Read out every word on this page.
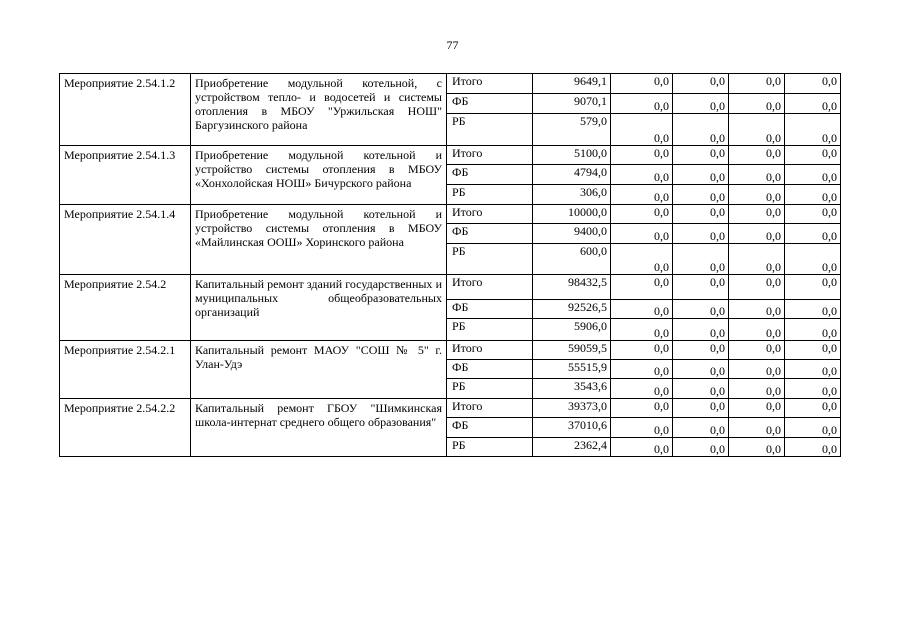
77
Мероприятие 2.54.1.2	Приобретение модульной котельной, с устройством тепло- и водосетей и системы отопления в МБОУ "Уржильская НОШ" Баргузинского района	Итого	9649,1	0,0	0,0	0,0	0,0
		ФБ	9070,1	0,0	0,0	0,0	0,0
		РБ	579,0	0,0	0,0	0,0	0,0
Мероприятие 2.54.1.3	Приобретение модульной котельной и устройство системы отопления в МБОУ «Хонхолойская НОШ» Бичурского района	Итого	5100,0	0,0	0,0	0,0	0,0
		ФБ	4794,0	0,0	0,0	0,0	0,0
		РБ	306,0	0,0	0,0	0,0	0,0
Мероприятие 2.54.1.4	Приобретение модульной котельной и устройство системы отопления в МБОУ «Майлинская ООШ» Хоринского района	Итого	10000,0	0,0	0,0	0,0	0,0
		ФБ	9400,0	0,0	0,0	0,0	0,0
		РБ	600,0	0,0	0,0	0,0	0,0
Мероприятие 2.54.2	Капитальный ремонт зданий государственных и муниципальных общеобразовательных организаций	Итого	98432,5	0,0	0,0	0,0	0,0
		ФБ	92526,5	0,0	0,0	0,0	0,0
		РБ	5906,0	0,0	0,0	0,0	0,0
Мероприятие 2.54.2.1	Капитальный ремонт МАОУ "СОШ № 5" г. Улан-Удэ	Итого	59059,5	0,0	0,0	0,0	0,0
		ФБ	55515,9	0,0	0,0	0,0	0,0
		РБ	3543,6	0,0	0,0	0,0	0,0
Мероприятие 2.54.2.2	Капитальный ремонт ГБОУ "Шимкинская школа-интернат среднего общего образования"	Итого	39373,0	0,0	0,0	0,0	0,0
		ФБ	37010,6	0,0	0,0	0,0	0,0
		РБ	2362,4	0,0	0,0	0,0	0,0
